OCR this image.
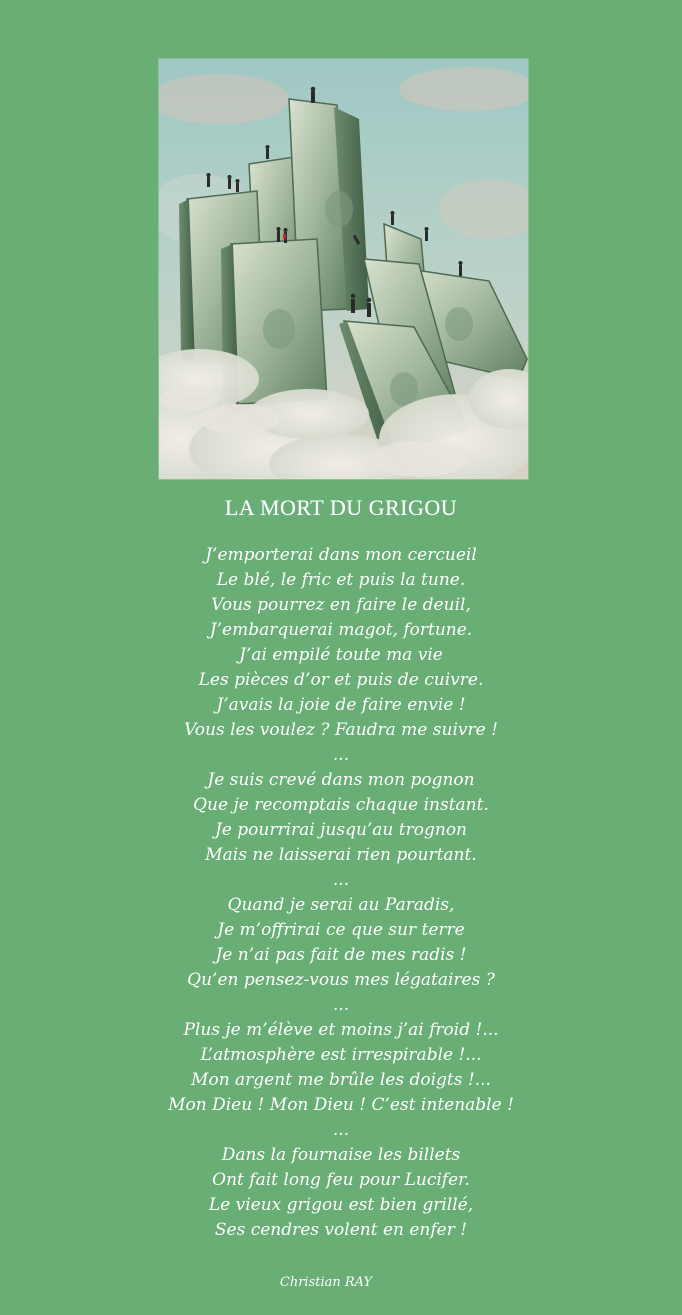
LA MORT DU GRIGOU
J’emporterai dans mon cercueil
Le blé, le fric et puis la tune.
Vous pourrez en faire le deuil,
J’embarquerai magot, fortune.
J’ai empilé toute ma vie
Les pièces d’or et puis de cuivre.
J’avais la joie de faire envie !
Vous les voulez ? Faudra me suivre !
...
Je suis crevé dans mon pognon
Que je recomptais chaque instant.
Je pourrirai jusqu’au trognon
Mais ne laisserai rien pourtant.
...
Quand je serai au Paradis,
Je m’offrirai ce que sur terre
Je n’ai pas fait de mes radis !
Qu’en pensez-vous mes légataires ?
...
Plus je m’élève et moins j’ai froid !...
L’atmosphère est irrespirable !...
Mon argent me brûle les doigts !...
Mon Dieu ! Mon Dieu ! C’est intenable !
...
Dans la fournaise les billets
Ont fait long feu pour Lucifer.
Le vieux grigou est bien grillé,
Ses cendres volent en enfer !
Christian RAY
